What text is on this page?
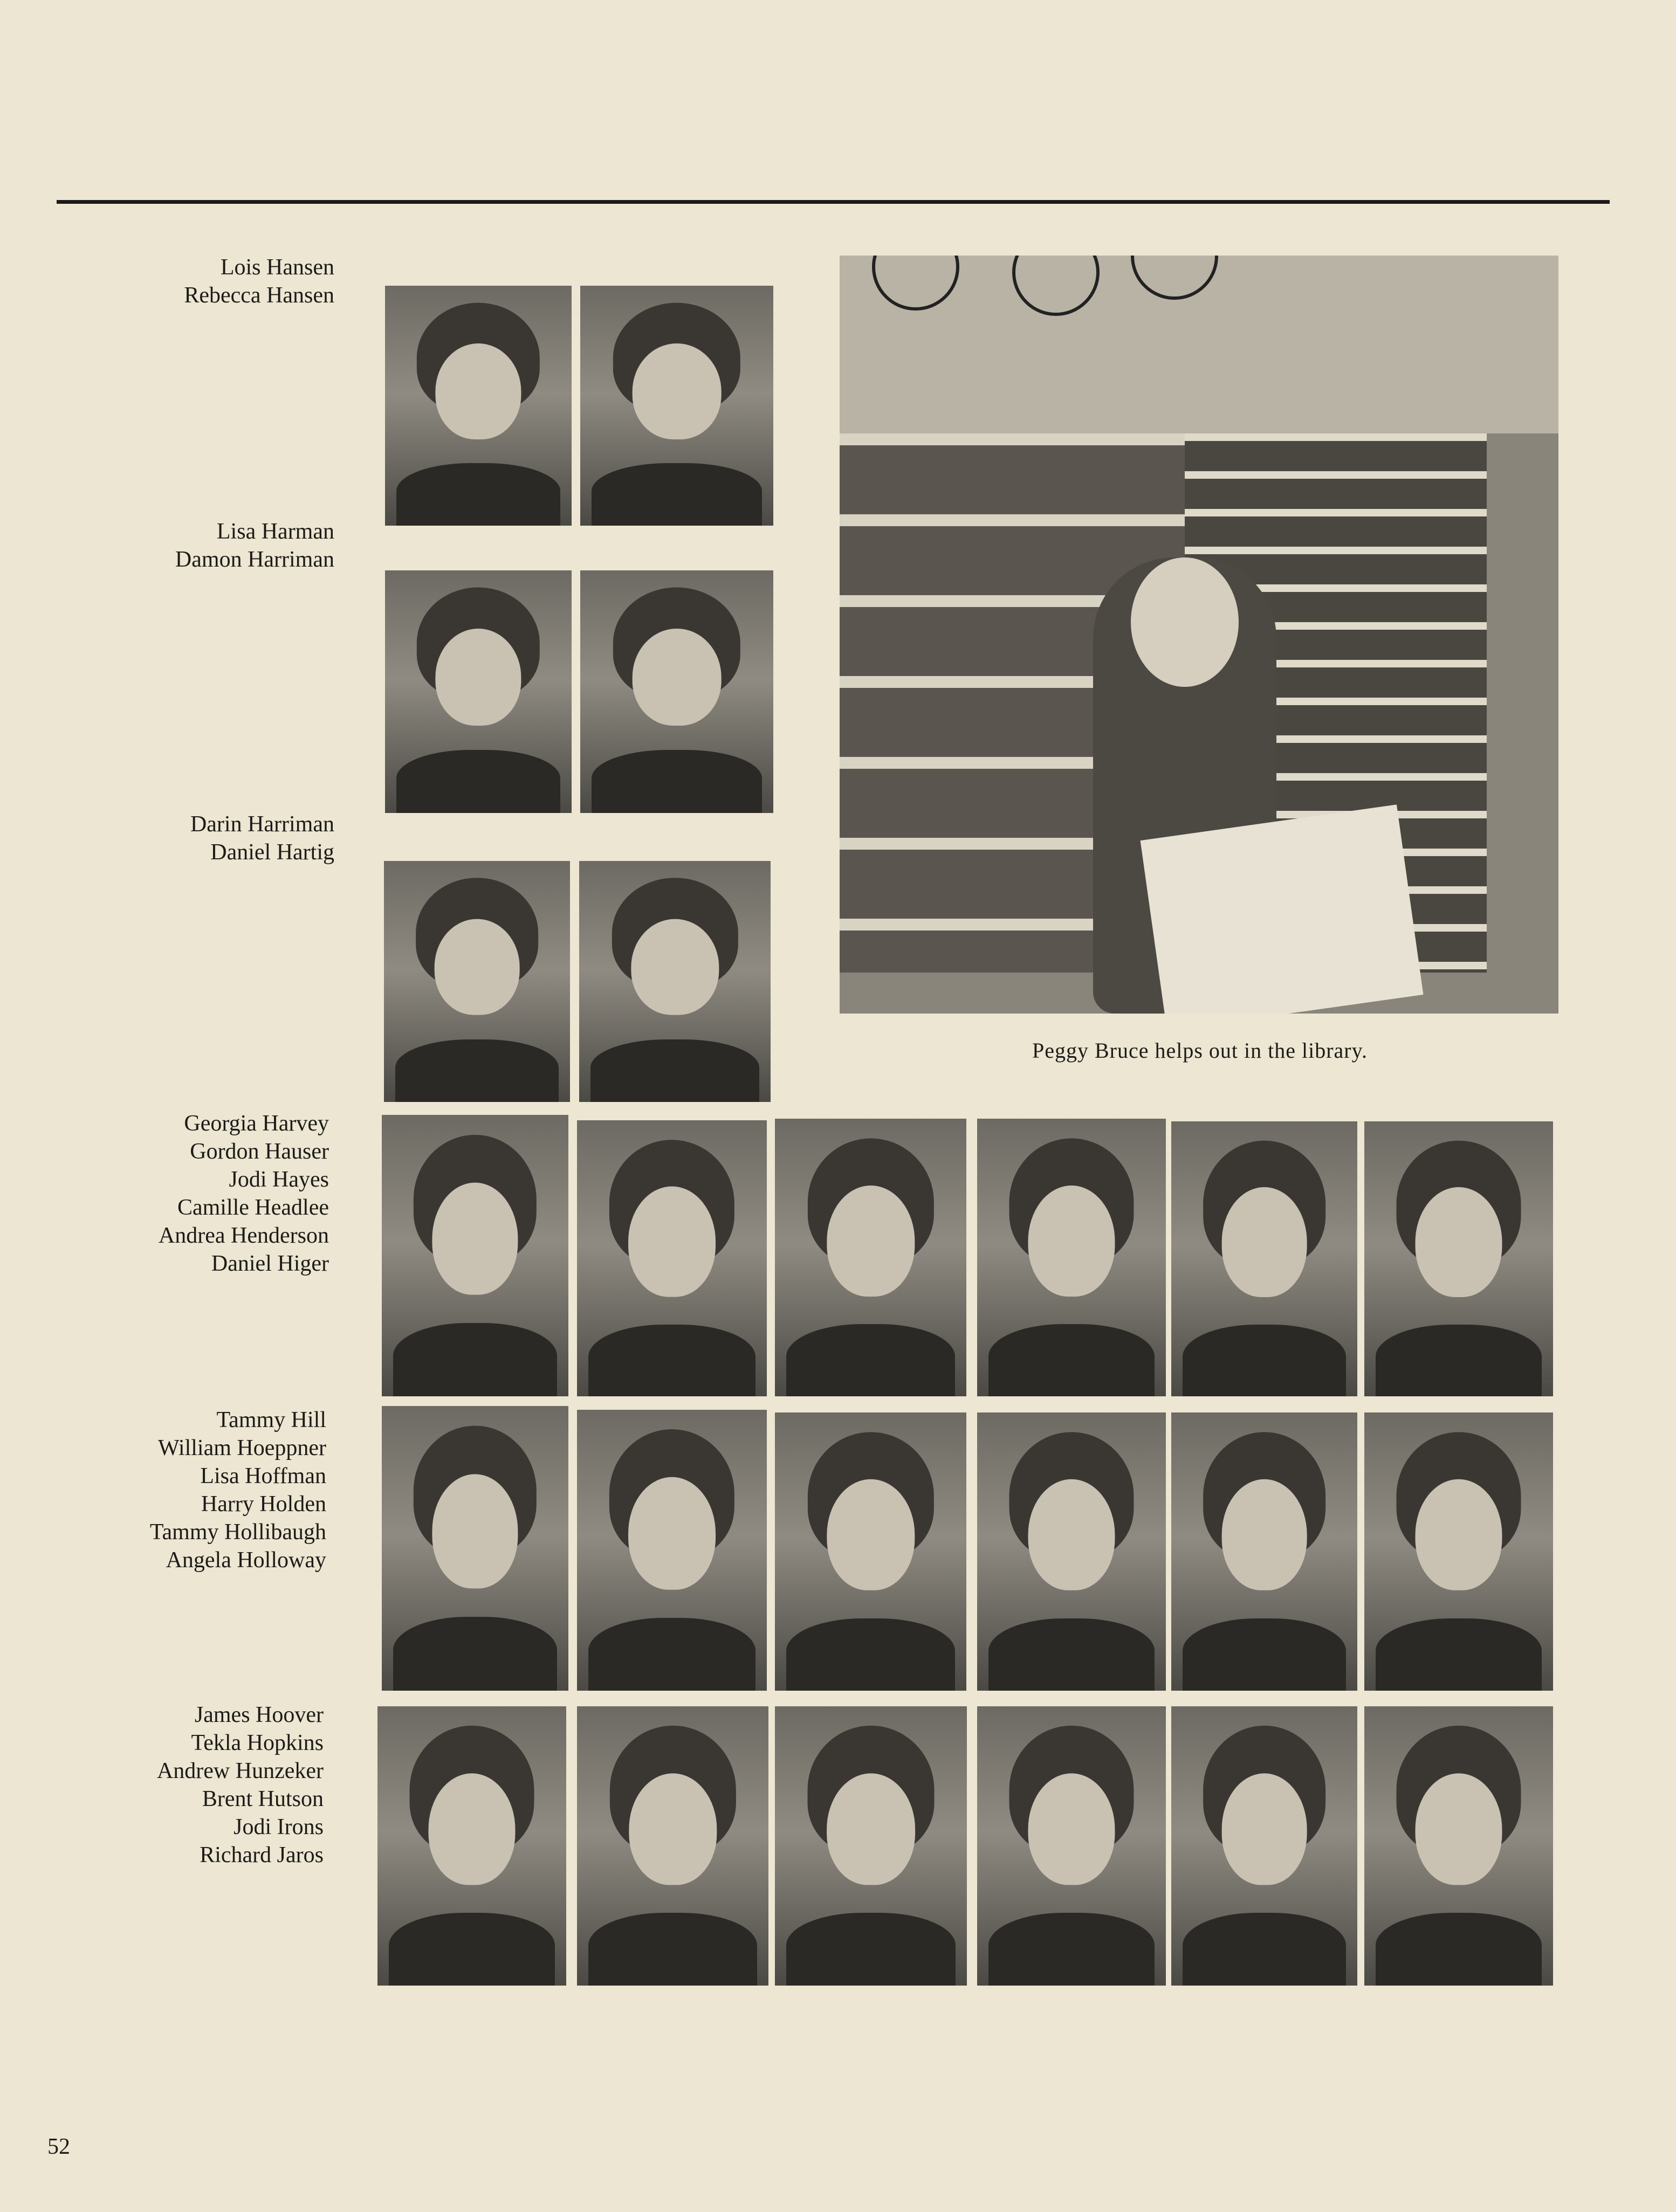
Lois Hansen
Rebecca Hansen
Lisa Harman
Damon Harriman
Darin Harriman
Daniel Hartig
Georgia Harvey
Gordon Hauser
Jodi Hayes
Camille Headlee
Andrea Henderson
Daniel Higer
Tammy Hill
William Hoeppner
Lisa Hoffman
Harry Holden
Tammy Hollibaugh
Angela Holloway
James Hoover
Tekla Hopkins
Andrew Hunzeker
Brent Hutson
Jodi Irons
Richard Jaros
Peggy Bruce helps out in the library.
52
